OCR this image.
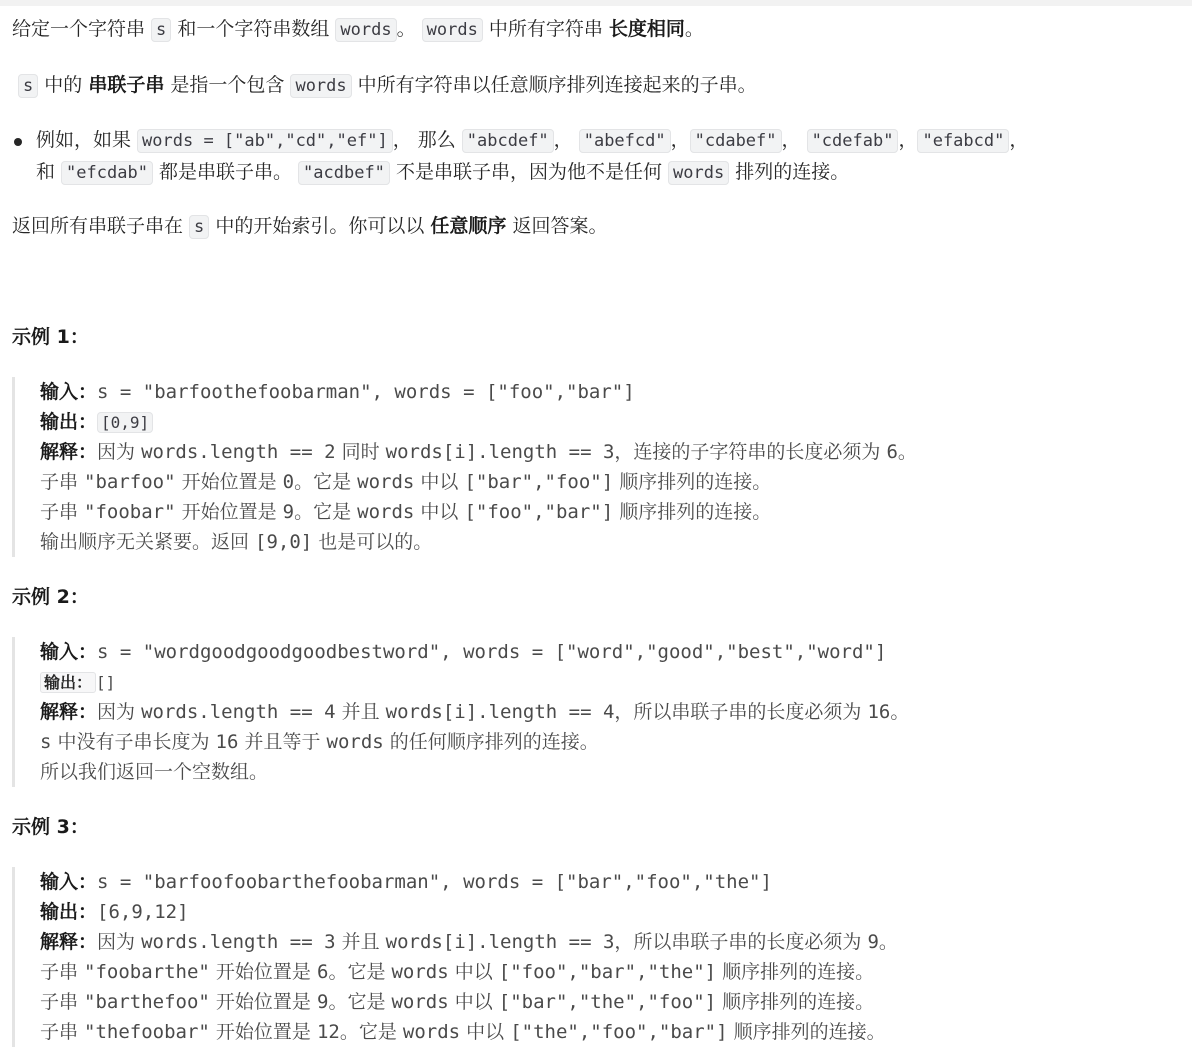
给定一个字符串 s 和一个字符串数组 words 。 words 中所有字符串 长度相同。
s 中的 串联子串 是指一个包含 words 中所有字符串以任意顺序排列连接起来的子串。
例如，如果 words = ["ab","cd","ef"] ， 那么 "abcdef" ， "abefcd" ， "cdabef" ， "cdefab" ， "efabcd" ，
和 "efcdab" 都是串联子串。 "acdbef" 不是串联子串，因为他不是任何 words 排列的连接。
返回所有串联子串在 s 中的开始索引。你可以以 任意顺序 返回答案。
示例 1：
输入：s = "barfoothefoobarman", words = ["foo","bar"]
输出： [0,9]
解释：因为 words.length == 2 同时 words[i].length == 3，连接的子字符串的长度必须为 6。
子串 "barfoo" 开始位置是 0。它是 words 中以 ["bar","foo"] 顺序排列的连接。
子串 "foobar" 开始位置是 9。它是 words 中以 ["foo","bar"] 顺序排列的连接。
输出顺序无关紧要。返回 [9,0] 也是可以的。
示例 2：
输入：s = "wordgoodgoodgoodbestword", words = ["word","good","best","word"]
输出： []
解释：因为 words.length == 4 并且 words[i].length == 4，所以串联子串的长度必须为 16。
s 中没有子串长度为 16 并且等于 words 的任何顺序排列的连接。
所以我们返回一个空数组。
示例 3：
输入：s = "barfoofoobarthefoobarman", words = ["bar","foo","the"]
输出：[6,9,12]
解释：因为 words.length == 3 并且 words[i].length == 3，所以串联子串的长度必须为 9。
子串 "foobarthe" 开始位置是 6。它是 words 中以 ["foo","bar","the"] 顺序排列的连接。
子串 "barthefoo" 开始位置是 9。它是 words 中以 ["bar","the","foo"] 顺序排列的连接。
子串 "thefoobar" 开始位置是 12。它是 words 中以 ["the","foo","bar"] 顺序排列的连接。
